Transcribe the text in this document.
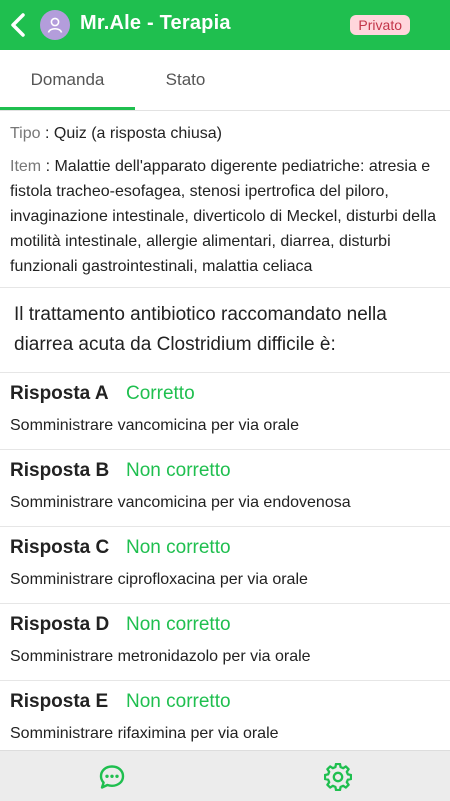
Mr.Ale - Terapia	Privato
Domanda	Stato
Tipo : Quiz (a risposta chiusa)
Item : Malattie dell'apparato digerente pediatriche: atresia e fistola tracheo-esofagea, stenosi ipertrofica del piloro, invaginazione intestinale, diverticolo di Meckel, disturbi della motilità intestinale, allergie alimentari, diarrea, disturbi funzionali gastrointestinali, malattia celiaca
Il trattamento antibiotico raccomandato nella diarrea acuta da Clostridium difficile è:
Risposta A Corretto
Somministrare vancomicina per via orale
Risposta B Non corretto
Somministrare vancomicina per via endovenosa
Risposta C Non corretto
Somministrare ciprofloxacina per via orale
Risposta D Non corretto
Somministrare metronidazolo per via orale
Risposta E Non corretto
Somministrare rifaximina per via orale
